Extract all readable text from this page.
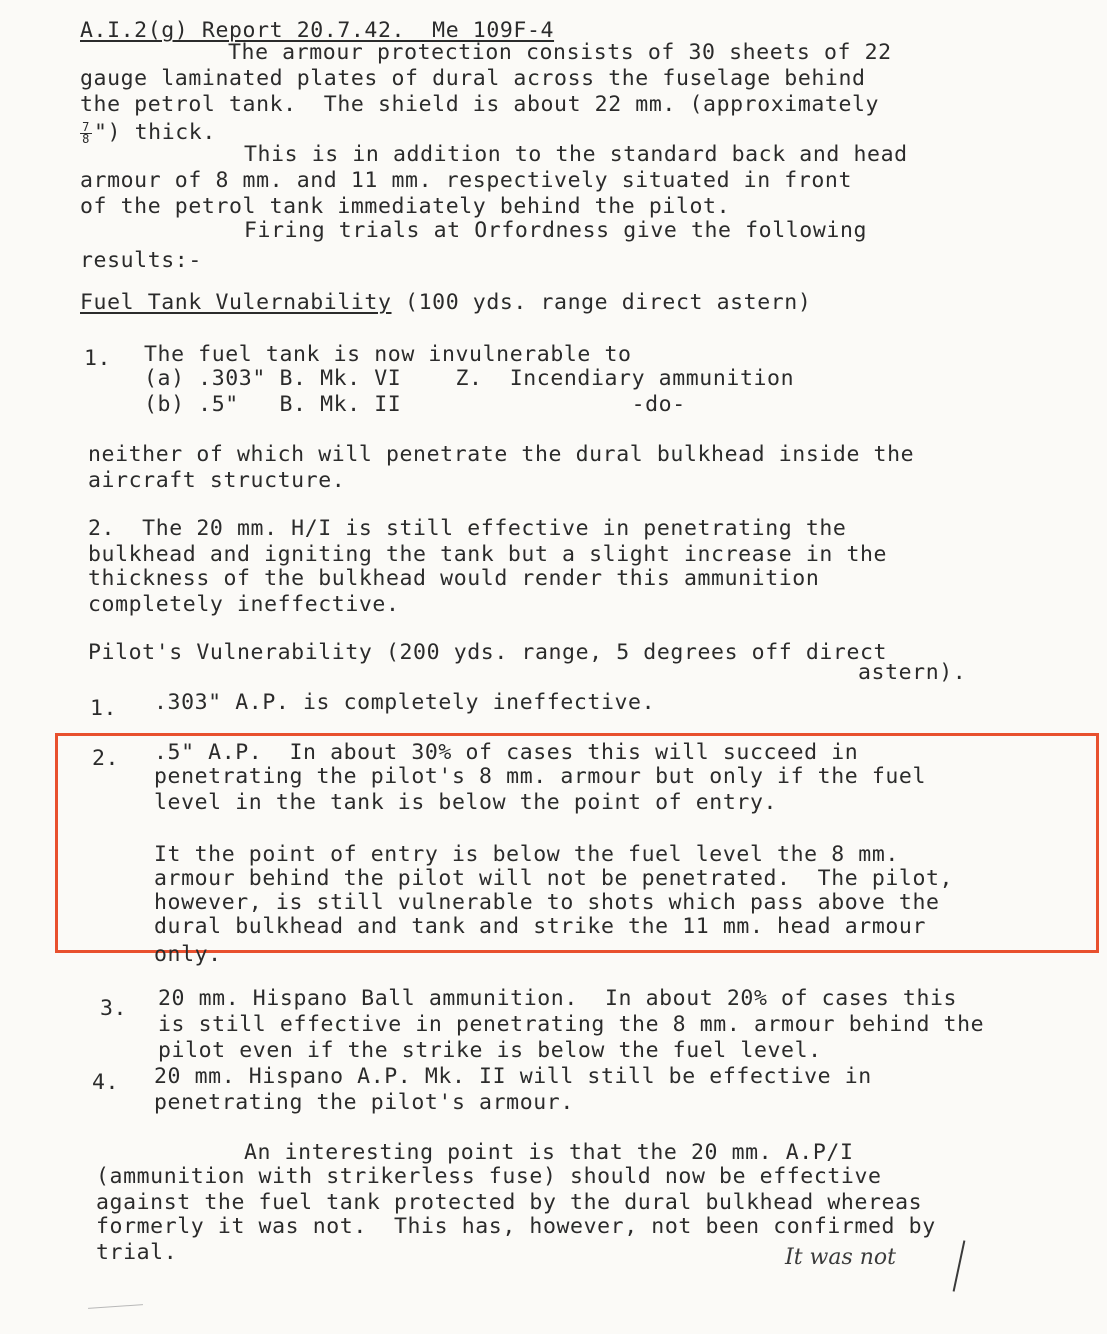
A.I.2(g) Report 20.7.42.  Me 109F-4
The armour protection consists of 30 sheets of 22
gauge laminated plates of dural across the fuselage behind
the petrol tank.  The shield is about 22 mm. (approximately
$\frac{7}{8}$ ") thick.
This is in addition to the standard back and head
armour of 8 mm. and 11 mm. respectively situated in front
of the petrol tank immediately behind the pilot.
Firing trials at Orfordness give the following
results:-
Fuel Tank Vulernability (100 yds. range direct astern)
1. The fuel tank is now invulnerable to
(a) .303" B. Mk. VI    Z.  Incendiary ammunition
(b) .5"   B. Mk. II                 -do-
neither of which will penetrate the dural bulkhead inside the
aircraft structure.
2.  The 20 mm. H/I is still effective in penetrating the
bulkhead and igniting the tank but a slight increase in the
thickness of the bulkhead would render this ammunition
completely ineffective.
Pilot's Vulnerability (200 yds. range, 5 degrees off direct
astern).
1. .303" A.P. is completely ineffective.
2. .5" A.P.  In about 30% of cases this will succeed in
penetrating the pilot's 8 mm. armour but only if the fuel
level in the tank is below the point of entry.
It the point of entry is below the fuel level the 8 mm.
armour behind the pilot will not be penetrated.  The pilot,
however, is still vulnerable to shots which pass above the
dural bulkhead and tank and strike the 11 mm. head armour
only.
3. 20 mm. Hispano Ball ammunition.  In about 20% of cases this
is still effective in penetrating the 8 mm. armour behind the
pilot even if the strike is below the fuel level.
4. 20 mm. Hispano A.P. Mk. II will still be effective in
penetrating the pilot's armour.
An interesting point is that the 20 mm. A.P/I
(ammunition with strikerless fuse) should now be effective
against the fuel tank protected by the dural bulkhead whereas
formerly it was not.  This has, however, not been confirmed by
trial.	It was not
